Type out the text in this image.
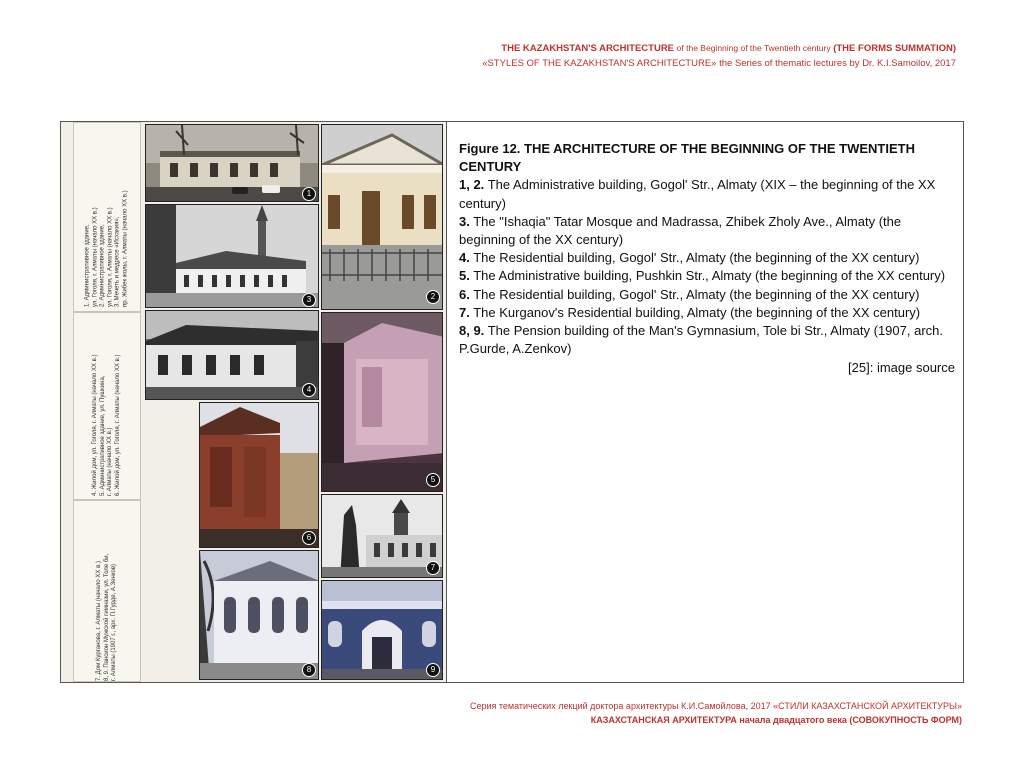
THE KAZAKHSTAN'S ARCHITECTURE of the Beginning of the Twentieth century (THE FORMS SUMMATION)
«STYLES OF THE KAZAKHSTAN'S ARCHITECTURE» the Series of thematic lectures by Dr. K.I.Samoilov, 2017
1. Административное здание,
ул. Гоголя, г. Алматы (начало XX в.)
2. Административное здание,
ул. Гоголя, г. Алматы (начало XX в.)
3. Мечеть и медресе «Исхакия»,
пр. Жибек жолы, г. Алматы (начало XX в.)
4. Жилой дом, ул. Гоголя, г. Алматы (начало XX в.)
5. Административное здание, ул. Пушкина,
г. Алматы (начало XX в.)
6. Жилой дом, ул. Гоголя, г. Алматы (начало XX в.)
7. Дом Курганова, г. Алматы (начало XX в.)
8, 9. Пансион Мужской гимназии, ул. Толе би,
г. Алматы (1907 г., арх. П.Гурде, А.Зенков)
1
2
3
4
5
6
7
8	9
Figure 12. THE ARCHITECTURE OF THE BEGINNING OF THE TWENTIETH CENTURY
1, 2. The Administrative building, Gogol' Str., Almaty (XIX – the beginning of the XX century)
3. The "Ishaqia" Tatar Mosque and Madrassa, Zhibek Zholy Ave., Almaty (the beginning of the XX century)
4. The Residential building, Gogol' Str., Almaty (the beginning of the XX century)
5. The Administrative building, Pushkin Str., Almaty (the beginning of the XX century)
6. The Residential building, Gogol' Str., Almaty (the beginning of the XX century)
7. The Kurganov's Residential building, Almaty (the beginning of the XX century)
8, 9. The Pension building of the Man's Gymnasium, Tole bi Str., Almaty (1907, arch. P.Gurde, A.Zenkov)
[25]: image source
Серия тематических лекций доктора архитектуры К.И.Самойлова, 2017 «СТИЛИ КАЗАХСТАНСКОЙ АРХИТЕКТУРЫ»
КАЗАХСТАНСКАЯ АРХИТЕКТУРА начала двадцатого века (СОВОКУПНОСТЬ ФОРМ)
